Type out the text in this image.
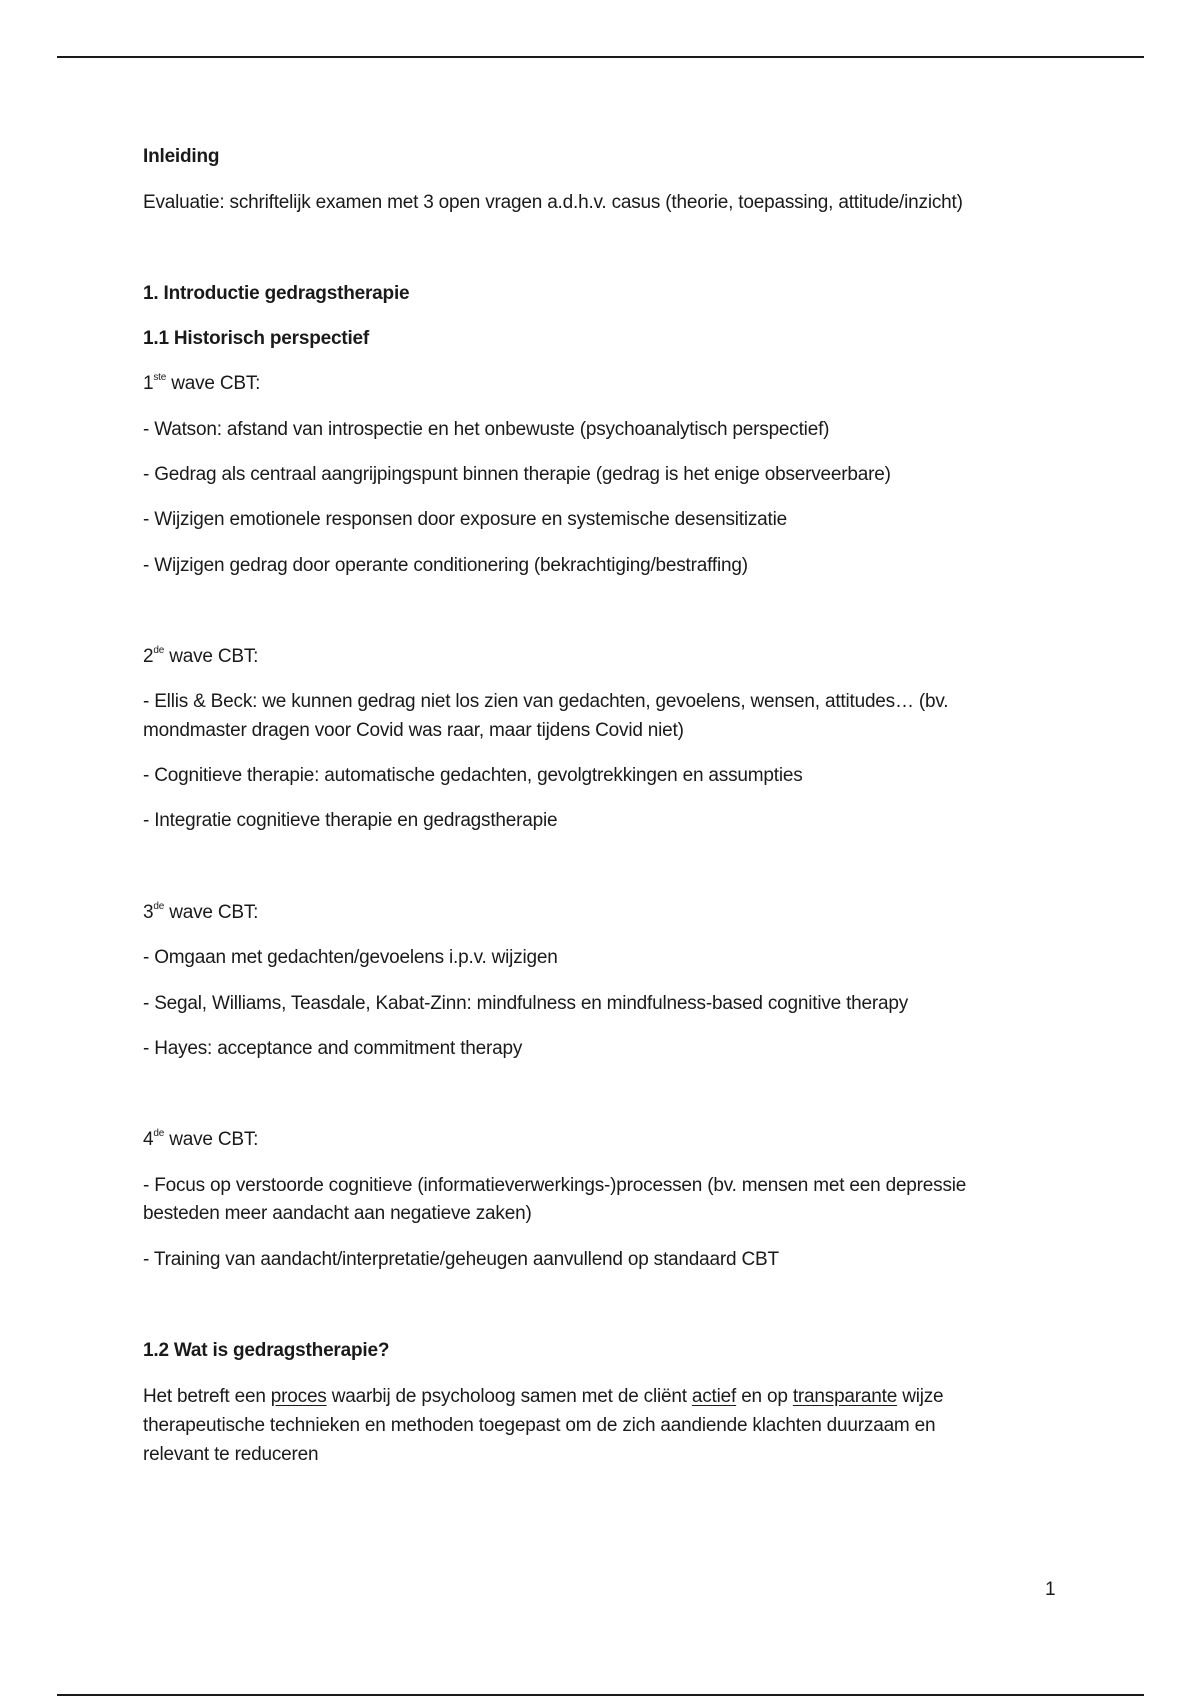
Inleiding
Evaluatie: schriftelijk examen met 3 open vragen a.d.h.v. casus (theorie, toepassing, attitude/inzicht)
1. Introductie gedragstherapie
1.1 Historisch perspectief
1ste wave CBT:
- Watson: afstand van introspectie en het onbewuste (psychoanalytisch perspectief)
- Gedrag als centraal aangrijpingspunt binnen therapie (gedrag is het enige observeerbare)
- Wijzigen emotionele responsen door exposure en systemische desensitizatie
- Wijzigen gedrag door operante conditionering (bekrachtiging/bestraffing)
2de wave CBT:
- Ellis & Beck: we kunnen gedrag niet los zien van gedachten, gevoelens, wensen, attitudes… (bv.
mondmaster dragen voor Covid was raar, maar tijdens Covid niet)
- Cognitieve therapie: automatische gedachten, gevolgtrekkingen en assumpties
- Integratie cognitieve therapie en gedragstherapie
3de wave CBT:
- Omgaan met gedachten/gevoelens i.p.v. wijzigen
- Segal, Williams, Teasdale, Kabat-Zinn: mindfulness en mindfulness-based cognitive therapy
- Hayes: acceptance and commitment therapy
4de wave CBT:
- Focus op verstoorde cognitieve (informatieverwerkings-)processen (bv. mensen met een depressie
besteden meer aandacht aan negatieve zaken)
- Training van aandacht/interpretatie/geheugen aanvullend op standaard CBT
1.2 Wat is gedragstherapie?
Het betreft een proces waarbij de psycholoog samen met de cliënt actief en op transparante wijze
therapeutische technieken en methoden toegepast om de zich aandiende klachten duurzaam en
relevant te reduceren
1
